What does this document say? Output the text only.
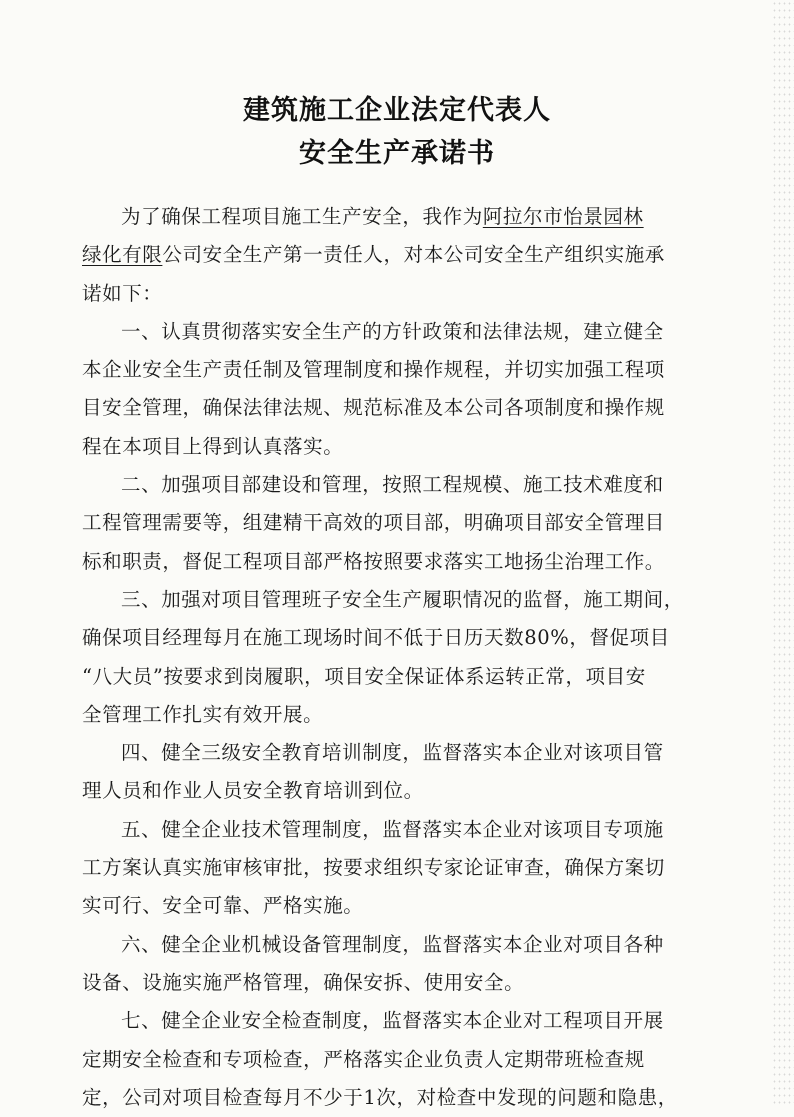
建筑施工企业法定代表人
安全生产承诺书
为了确保工程项目施工生产安全，我作为阿拉尔市怡景园林
绿化有限公司安全生产第一责任人，对本公司安全生产组织实施承
诺如下：
一、认真贯彻落实安全生产的方针政策和法律法规，建立健全
本企业安全生产责任制及管理制度和操作规程，并切实加强工程项
目安全管理，确保法律法规、规范标准及本公司各项制度和操作规
程在本项目上得到认真落实。
二、加强项目部建设和管理，按照工程规模、施工技术难度和
工程管理需要等，组建精干高效的项目部，明确项目部安全管理目
标和职责，督促工程项目部严格按照要求落实工地扬尘治理工作。
三、加强对项目管理班子安全生产履职情况的监督，施工期间，
确保项目经理每月在施工现场时间不低于日历天数80%，督促项目
“八大员”按要求到岗履职，项目安全保证体系运转正常，项目安
全管理工作扎实有效开展。
四、健全三级安全教育培训制度，监督落实本企业对该项目管
理人员和作业人员安全教育培训到位。
五、健全企业技术管理制度，监督落实本企业对该项目专项施
工方案认真实施审核审批，按要求组织专家论证审查，确保方案切
实可行、安全可靠、严格实施。
六、健全企业机械设备管理制度，监督落实本企业对项目各种
设备、设施实施严格管理，确保安拆、使用安全。
七、健全企业安全检查制度，监督落实本企业对工程项目开展
定期安全检查和专项检查，严格落实企业负责人定期带班检查规
定，公司对项目检查每月不少于1次，对检查中发现的问题和隐患，
